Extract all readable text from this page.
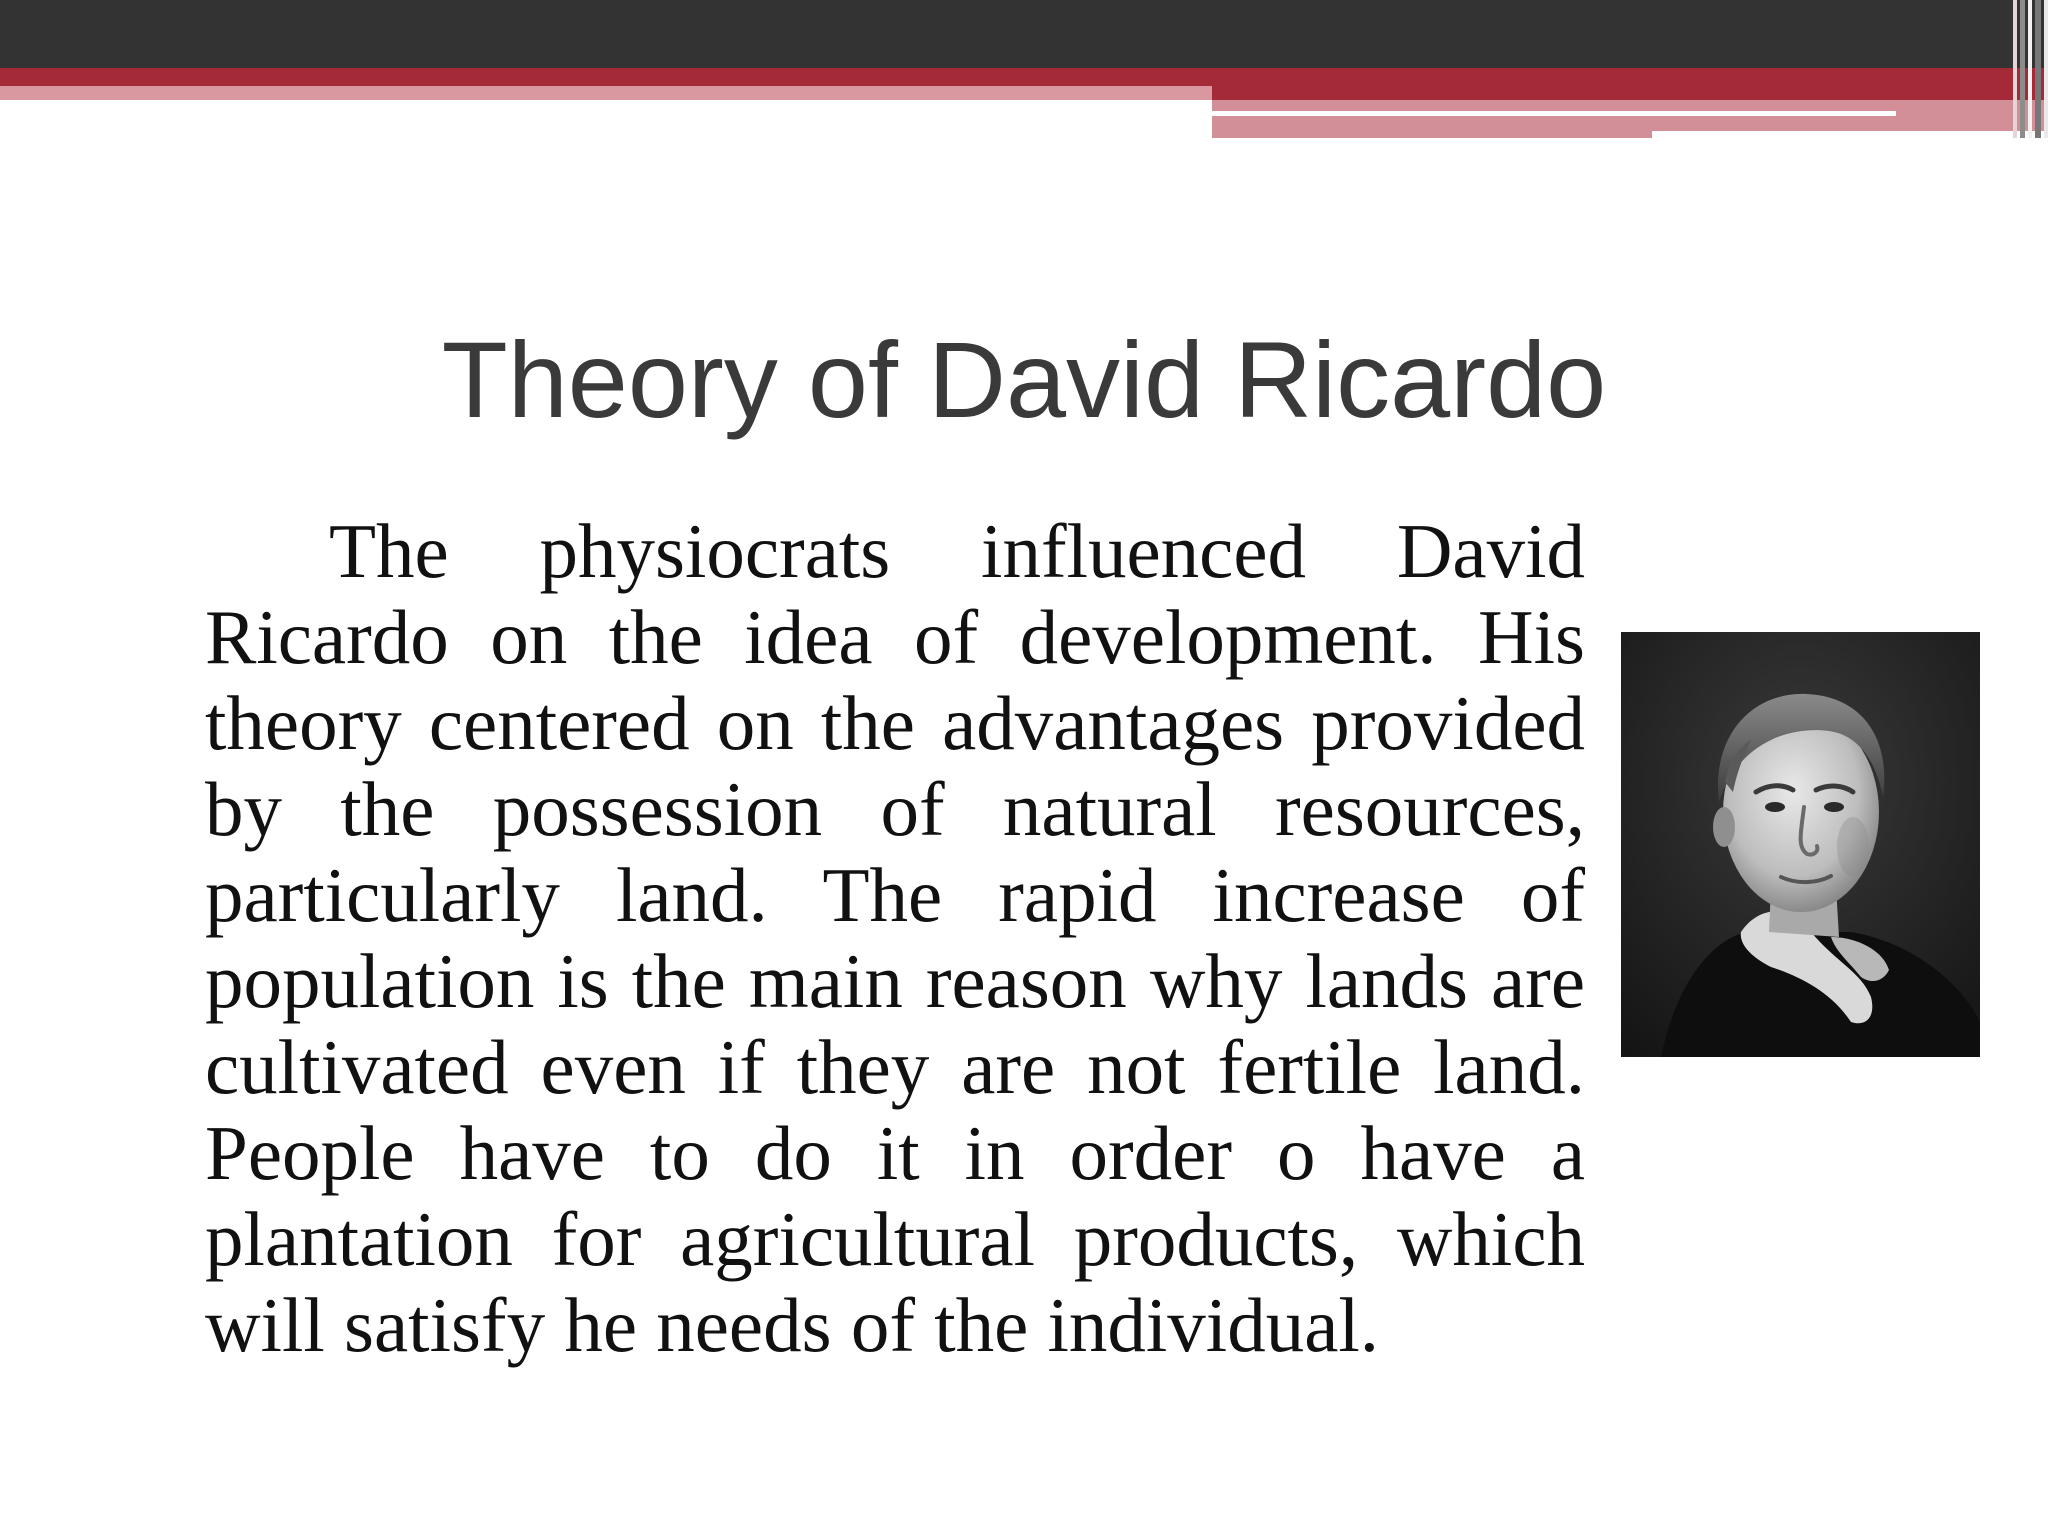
Theory of David Ricardo

The physiocrats influenced David Ricardo on the idea of development. His theory centered on the advantages provided by the possession of natural resources, particularly land. The rapid increase of population is the main reason why lands are cultivated even if they are not fertile land. People have to do it in order o have a plantation for agricultural products, which will satisfy he needs of the individual.
